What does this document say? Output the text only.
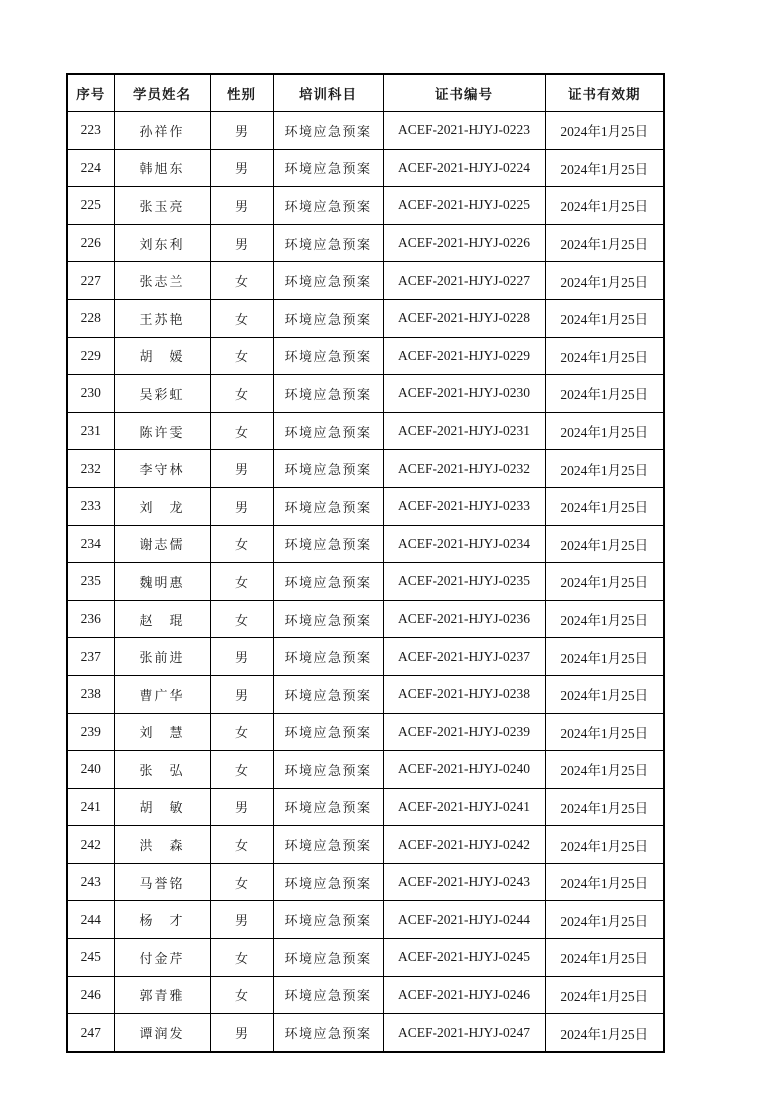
序号	学员姓名	性别	培训科目	证书编号	证书有效期
223	孙祥作	男	环境应急预案	ACEF-2021-HJYJ-0223	2024年1月25日
224	韩旭东	男	环境应急预案	ACEF-2021-HJYJ-0224	2024年1月25日
225	张玉亮	男	环境应急预案	ACEF-2021-HJYJ-0225	2024年1月25日
226	刘东利	男	环境应急预案	ACEF-2021-HJYJ-0226	2024年1月25日
227	张志兰	女	环境应急预案	ACEF-2021-HJYJ-0227	2024年1月25日
228	王苏艳	女	环境应急预案	ACEF-2021-HJYJ-0228	2024年1月25日
229	胡　媛	女	环境应急预案	ACEF-2021-HJYJ-0229	2024年1月25日
230	吴彩虹	女	环境应急预案	ACEF-2021-HJYJ-0230	2024年1月25日
231	陈许雯	女	环境应急预案	ACEF-2021-HJYJ-0231	2024年1月25日
232	李守林	男	环境应急预案	ACEF-2021-HJYJ-0232	2024年1月25日
233	刘　龙	男	环境应急预案	ACEF-2021-HJYJ-0233	2024年1月25日
234	谢志儒	女	环境应急预案	ACEF-2021-HJYJ-0234	2024年1月25日
235	魏明惠	女	环境应急预案	ACEF-2021-HJYJ-0235	2024年1月25日
236	赵　琨	女	环境应急预案	ACEF-2021-HJYJ-0236	2024年1月25日
237	张前进	男	环境应急预案	ACEF-2021-HJYJ-0237	2024年1月25日
238	曹广华	男	环境应急预案	ACEF-2021-HJYJ-0238	2024年1月25日
239	刘　慧	女	环境应急预案	ACEF-2021-HJYJ-0239	2024年1月25日
240	张　弘	女	环境应急预案	ACEF-2021-HJYJ-0240	2024年1月25日
241	胡　敏	男	环境应急预案	ACEF-2021-HJYJ-0241	2024年1月25日
242	洪　森	女	环境应急预案	ACEF-2021-HJYJ-0242	2024年1月25日
243	马誉铭	女	环境应急预案	ACEF-2021-HJYJ-0243	2024年1月25日
244	杨　才	男	环境应急预案	ACEF-2021-HJYJ-0244	2024年1月25日
245	付金芹	女	环境应急预案	ACEF-2021-HJYJ-0245	2024年1月25日
246	郭青雅	女	环境应急预案	ACEF-2021-HJYJ-0246	2024年1月25日
247	谭润发	男	环境应急预案	ACEF-2021-HJYJ-0247	2024年1月25日
